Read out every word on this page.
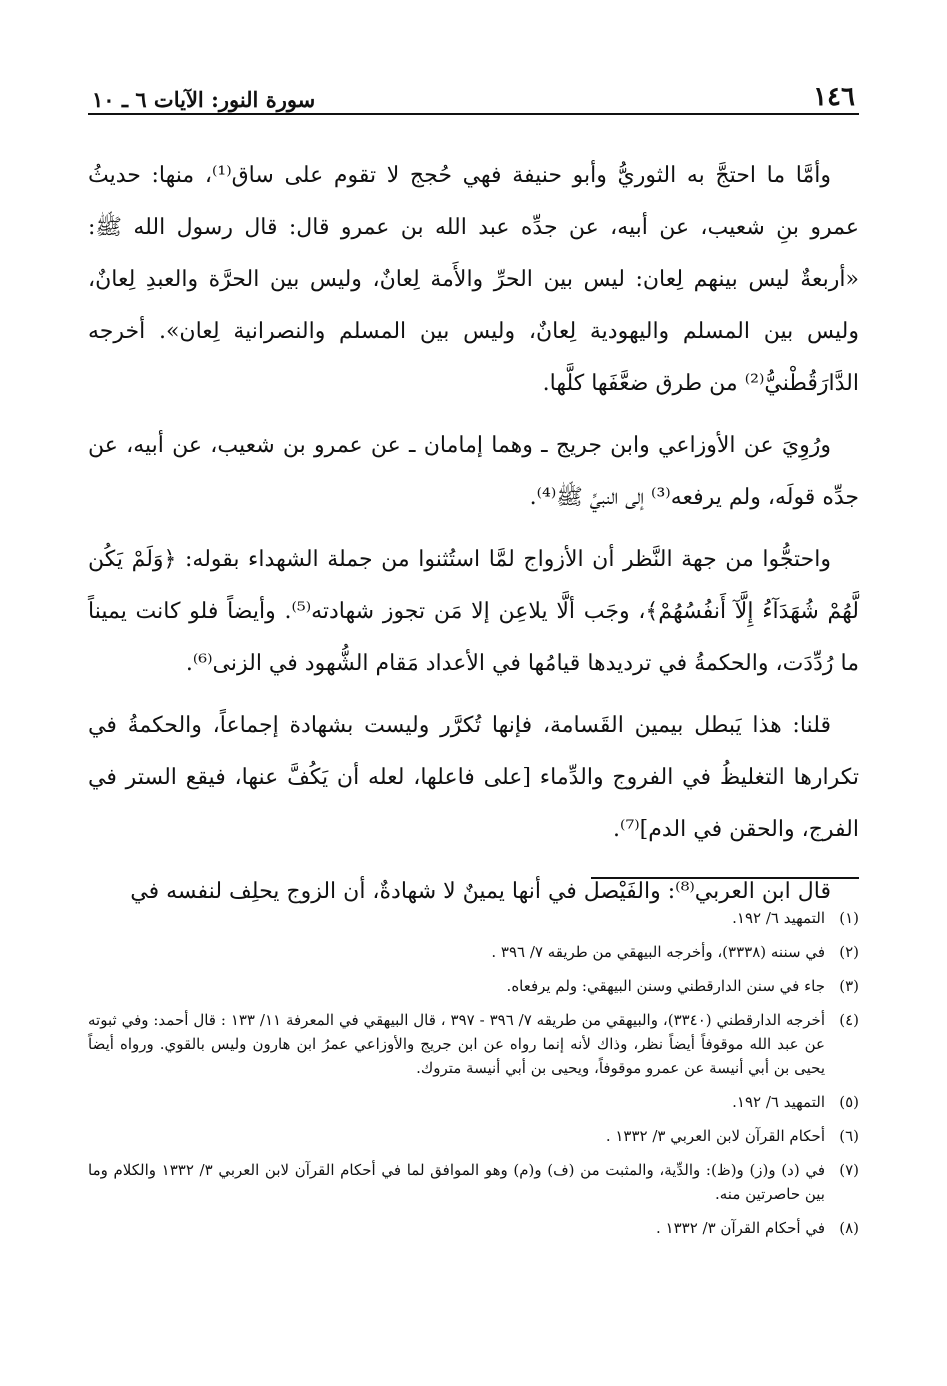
١٤٦
سورة النور: الآيات ٦ ـ ١٠

وأمَّا ما احتجَّ به الثوريُّ وأبو حنيفة فهي حُجج لا تقوم على ساق⁽¹⁾، منها: حديثُ عمرو بنِ شعيب، عن أبيه، عن جدِّه عبد الله بن عمرو قال: قال رسول الله ﷺ: «أربعةٌ ليس بينهم لِعان: ليس بين الحرِّ والأَمة لِعانٌ، وليس بين الحرَّة والعبدِ لِعانٌ، وليس بين المسلم واليهودية لِعانٌ، وليس بين المسلم والنصرانية لِعان». أخرجه الدَّارَقُطْنيُّ⁽²⁾ من طرق ضعَّفَها كلَّها.

ورُوِيَ عن الأوزاعي وابن جريج ـ وهما إمامان ـ عن عمرو بن شعيب، عن أبيه، عن جدِّه قولَه، ولم يرفعه⁽³⁾ إلى النبيِّ ﷺ⁽⁴⁾.

واحتجُّوا من جهة النَّظر أن الأزواج لمَّا استُثنوا من جملة الشهداء بقوله: ﴿وَلَمْ يَكُن لَّهُمْ شُهَدَآءُ إِلَّآ أَنفُسُهُمْ﴾، وجَب ألَّا يلاعِن إلا مَن تجوز شهادته⁽⁵⁾. وأيضاً فلو كانت يميناً ما رُدِّدَت، والحكمةُ في ترديدها قيامُها في الأعداد مَقام الشُّهود في الزنى⁽⁶⁾.

قلنا: هذا يَبطل بيمين القَسامة، فإنها تُكرَّر وليست بشهادة إجماعاً، والحكمةُ في تكرارها التغليظُ في الفروج والدِّماء [على فاعلها، لعله أن يَكُفَّ عنها، فيقع الستر في الفرج، والحقن في الدم]⁽⁷⁾.

قال ابن العربي⁽⁸⁾: والفَيْصل في أنها يمينٌ لا شهادةٌ، أن الزوج يحلِف لنفسه في

(١)التمهيد ٦/ ١٩٢.
(٢)في سننه (٣٣٣٨)، وأخرجه البيهقي من طريقه ٧/ ٣٩٦ .
(٣)جاء في سنن الدارقطني وسنن البيهقي: ولم يرفعاه.
(٤)أخرجه الدارقطني (٣٣٤٠)، والبيهقي من طريقه ٧/ ٣٩٦ - ٣٩٧ ، قال البيهقي في المعرفة ١١/ ١٣٣ : قال أحمد: وفي ثبوته عن عبد الله موقوفاً أيضاً نظر، وذاك لأنه إنما رواه عن ابن جريج والأوزاعي عمرُ ابن هارون وليس بالقوي. ورواه أيضاً يحيى بن أبي أنيسة عن عمرو موقوفاً، ويحيى بن أبي أنيسة متروك.
(٥)التمهيد ٦/ ١٩٢.
(٦)أحكام القرآن لابن العربي ٣/ ١٣٣٢ .
(٧)في (د) و(ز) و(ظ): والدِّية، والمثبت من (ف) و(م) وهو الموافق لما في أحكام القرآن لابن العربي ٣/ ١٣٣٢ والكلام وما بين حاصرتين منه.
(٨)في أحكام القرآن ٣/ ١٣٣٢ .
